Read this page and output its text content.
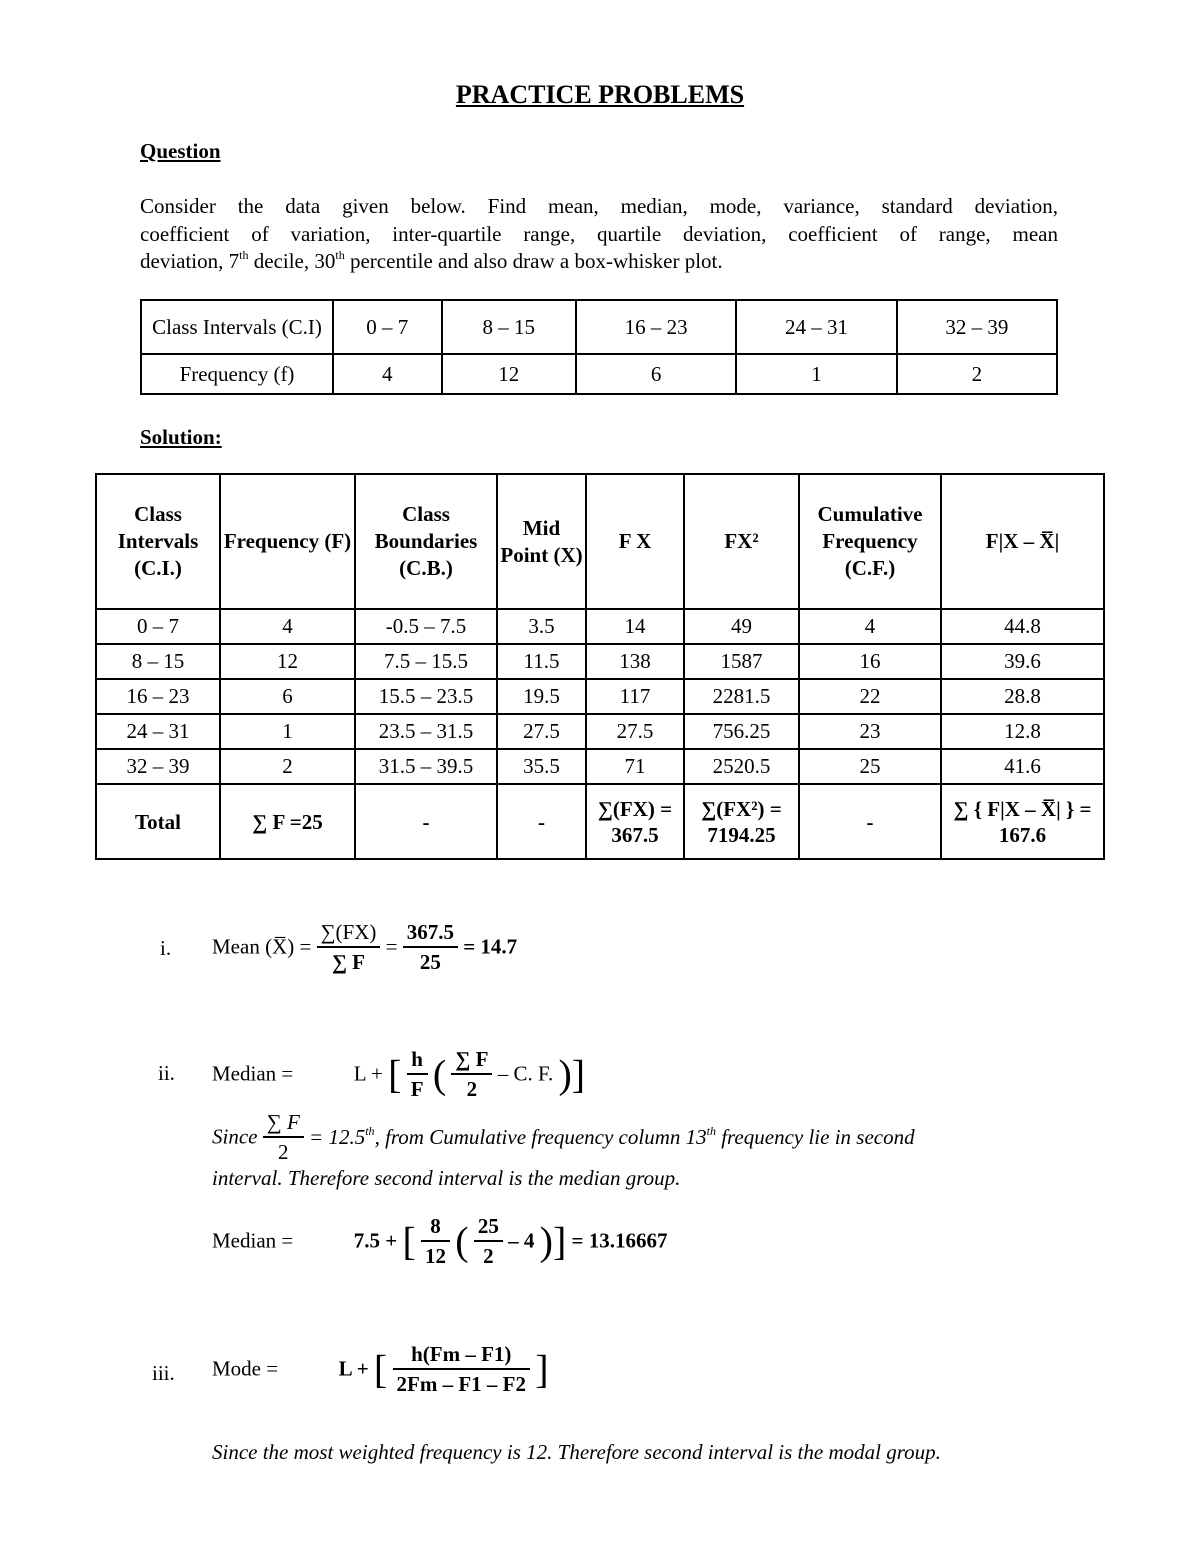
PRACTICE PROBLEMS
Question
Consider the data given below. Find mean, median, mode, variance, standard deviation,
coefficient of variation, inter-quartile range, quartile deviation, coefficient of range, mean
deviation, 7th decile, 30th percentile and also draw a box-whisker plot.
Class Intervals (C.I)	0 – 7	8 – 15	16 – 23	24 – 31	32 – 39
Frequency (f)	4	12	6	1	2
Solution:
Class Intervals (C.I.)	Frequency (F)	Class Boundaries (C.B.)	Mid Point (X)	F X	FX²	Cumulative Frequency (C.F.)	F|X – X̅|
0 – 7	4	-0.5 – 7.5	3.5	14	49	4	44.8
8 – 15	12	7.5 – 15.5	11.5	138	1587	16	39.6
16 – 23	6	15.5 – 23.5	19.5	117	2281.5	22	28.8
24 – 31	1	23.5 – 31.5	27.5	27.5	756.25	23	12.8
32 – 39	2	31.5 – 39.5	35.5	71	2520.5	25	41.6
Total	∑ F =25	-	-	∑(FX) = 367.5	∑(FX²) = 7194.25	-	∑ { F|X – X̅| } = 167.6
i. Mean (X̅) = $\frac{\sum(FX)}{\sum F} = \frac{367.5}{25} = 14.7$
ii. Median =	L + [ $\frac{h}{F}$ ( $\frac{\sum F}{2}$ – C. F. )]
Since $\frac{\sum F}{2} = 12.5th$, from Cumulative frequency column 13th frequency lie in second
interval. Therefore second interval is the median group.
Median =	7.5 + [ $\frac{8}{12}$ ( $\frac{25}{2} - 4$ )] = 13.16667
iii. Mode =	L + [ $\frac{h(Fm - F1)}{2Fm - F1 - F2}$ ]
Since the most weighted frequency is 12. Therefore second interval is the modal group.
